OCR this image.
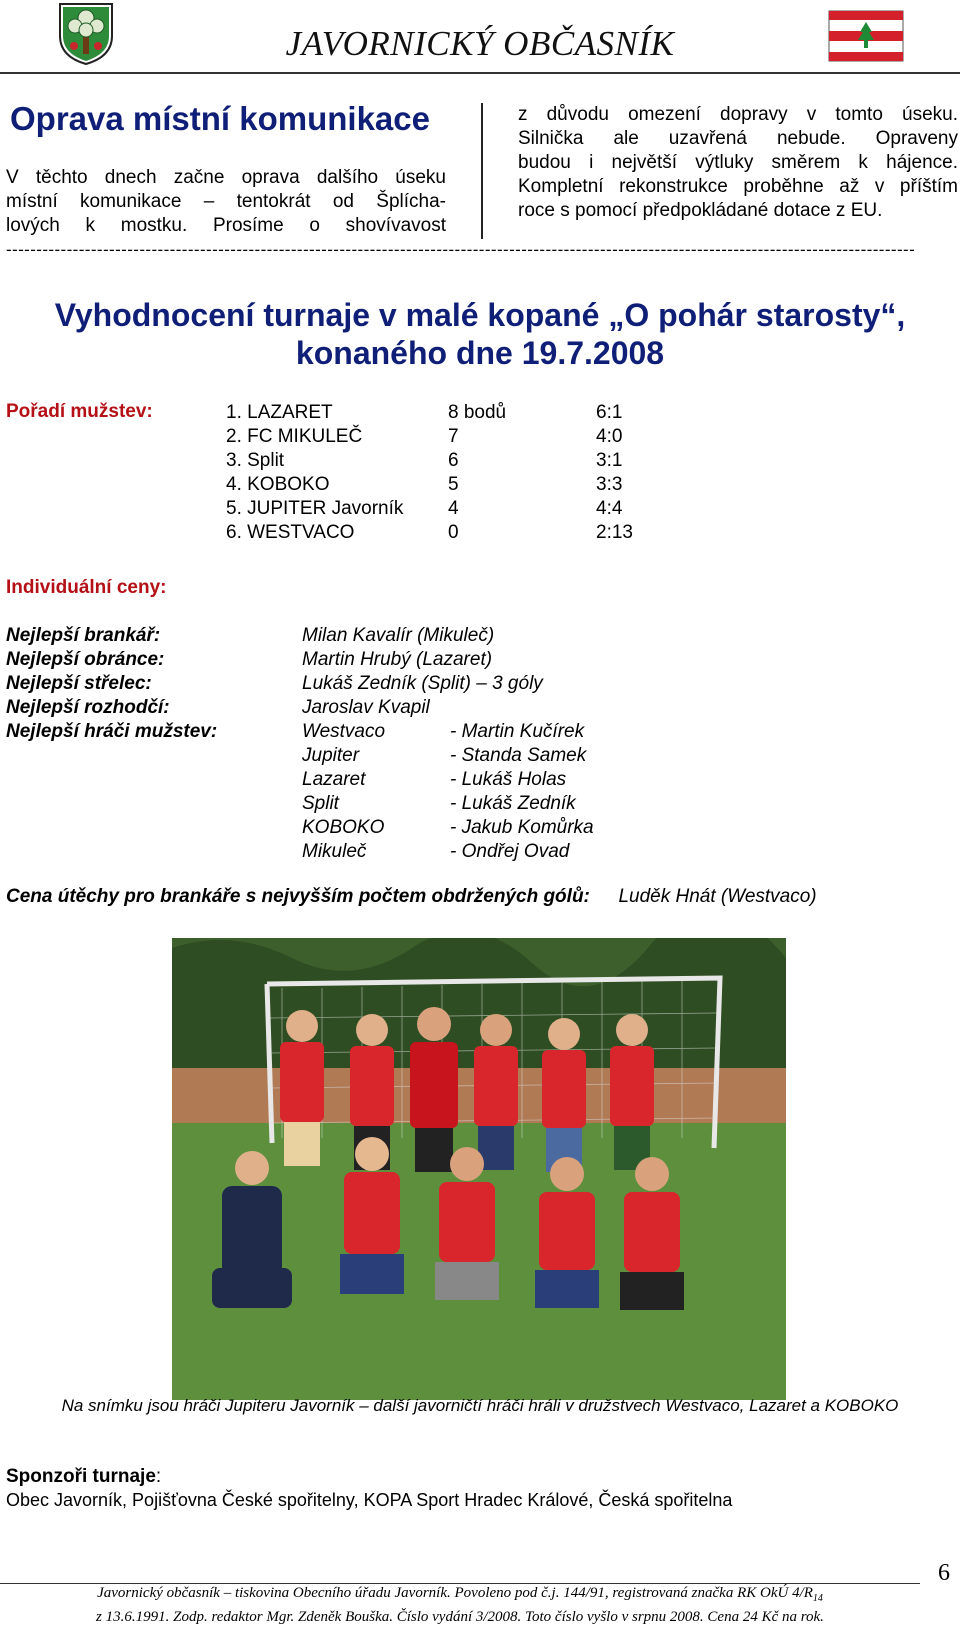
JAVORNICKÝ OBČASNÍK
Oprava místní komunikace
V těchto dnech začne oprava dalšího úseku
místní komunikace – tentokrát od Šplícha-
lových k mostku. Prosíme o shovívavost
z důvodu omezení dopravy v tomto úseku.
Silnička ale uzavřená nebude. Opraveny
budou i největší výtluky směrem k hájence.
Kompletní rekonstrukce proběhne až v příštím
roce s pomocí předpokládané dotace z EU.
------------------------------------------------------------------------------------------------------------------------------------------------------
Vyhodnocení turnaje v malé kopané „O pohár starosty“,
konaného dne 19.7.2008
Pořadí mužstev:	1. LAZARET	8 bodů	6:1
2. FC MIKULEČ	7	4:0
3. Split	6	3:1
4. KOBOKO	5	3:3
5. JUPITER Javorník	4	4:4
6. WESTVACO	0	2:13
Individuální ceny:
Nejlepší brankář:	Milan Kavalír (Mikuleč)	
Nejlepší obránce:	Martin Hrubý (Lazaret)	
Nejlepší střelec:	Lukáš Zedník (Split) – 3 góly	
Nejlepší rozhodčí:	Jaroslav Kvapil	
Nejlepší hráči mužstev:	Westvaco	- Martin Kučírek
	Jupiter	- Standa Samek
	Lazaret	- Lukáš Holas
	Split	- Lukáš Zedník
	KOBOKO	- Jakub Komůrka
	Mikuleč	- Ondřej Ovad
Cena útěchy pro brankáře s nejvyšším počtem obdržených gólů: Luděk Hnát (Westvaco)
Na snímku jsou hráči Jupiteru Javorník – další javorničtí hráči hráli v družstvech Westvaco, Lazaret a KOBOKO
Sponzoři turnaje:
Obec Javorník, Pojišťovna České spořitelny, KOPA Sport Hradec Králové, Česká spořitelna
Javornický občasník – tiskovina Obecního úřadu Javorník. Povoleno pod č.j. 144/91, registrovaná značka RK OkÚ $4/R_{14}$
z 13.6.1991. Zodp. redaktor Mgr. Zdeněk Bouška. Číslo vydání 3/2008. Toto číslo vyšlo v srpnu 2008. Cena 24 Kč na rok.
6
